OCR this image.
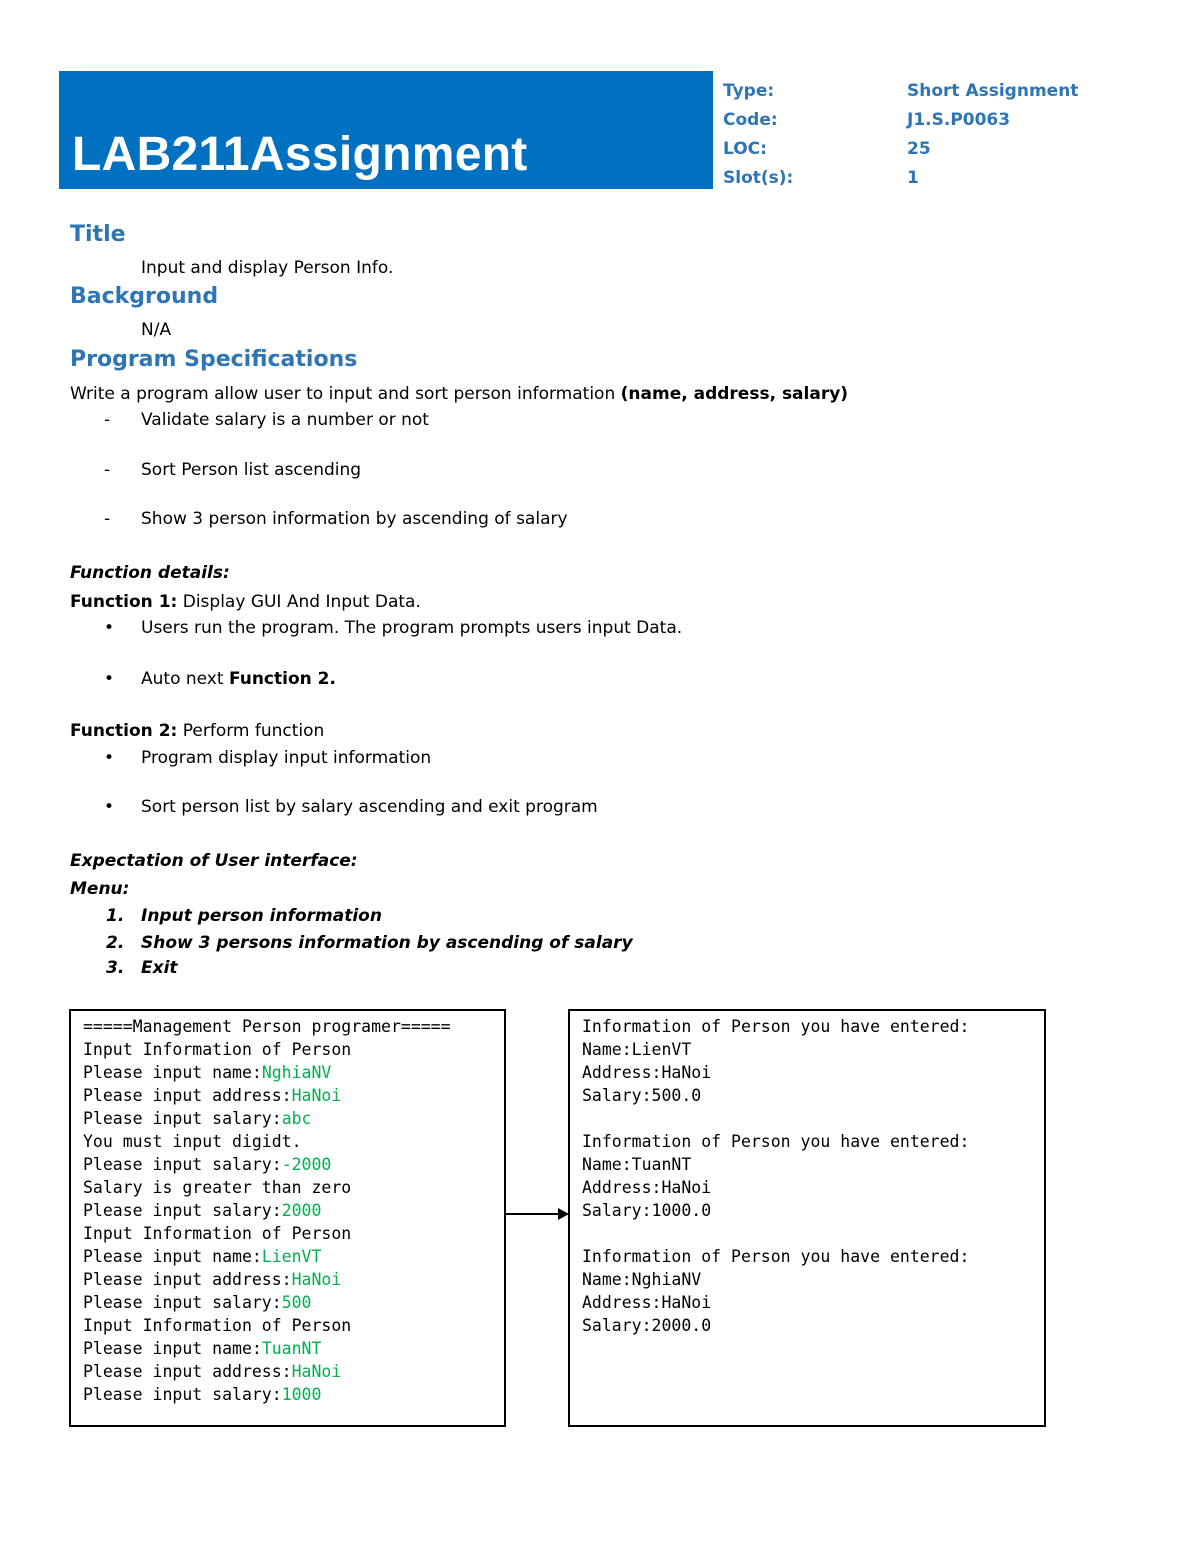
LAB211Assignment
Type:	Short Assignment
Code:	J1.S.P0063
LOC:	25
Slot(s):	1
Title
Input and display Person Info.
Background
N/A
Program Specifications
Write a program allow user to input and sort person information (name, address, salary)
- Validate salary is a number or not
- Sort Person list ascending
- Show 3 person information by ascending of salary
Function details:
Function 1: Display GUI And Input Data.
• Users run the program. The program prompts users input Data.
• Auto next Function 2.
Function 2: Perform function
• Program display input information
• Sort person list by salary ascending and exit program
Expectation of User interface:
Menu:
1. Input person information
2. Show 3 persons information by ascending of salary
3. Exit
=====Management Person programer=====
Input Information of Person
Please input name:NghiaNV
Please input address:HaNoi
Please input salary:abc
You must input digidt.
Please input salary:-2000
Salary is greater than zero
Please input salary:2000
Input Information of Person
Please input name:LienVT
Please input address:HaNoi
Please input salary:500
Input Information of Person
Please input name:TuanNT
Please input address:HaNoi
Please input salary:1000
Information of Person you have entered:
Name:LienVT
Address:HaNoi
Salary:500.0
Information of Person you have entered:
Name:TuanNT
Address:HaNoi
Salary:1000.0
Information of Person you have entered:
Name:NghiaNV
Address:HaNoi
Salary:2000.0
